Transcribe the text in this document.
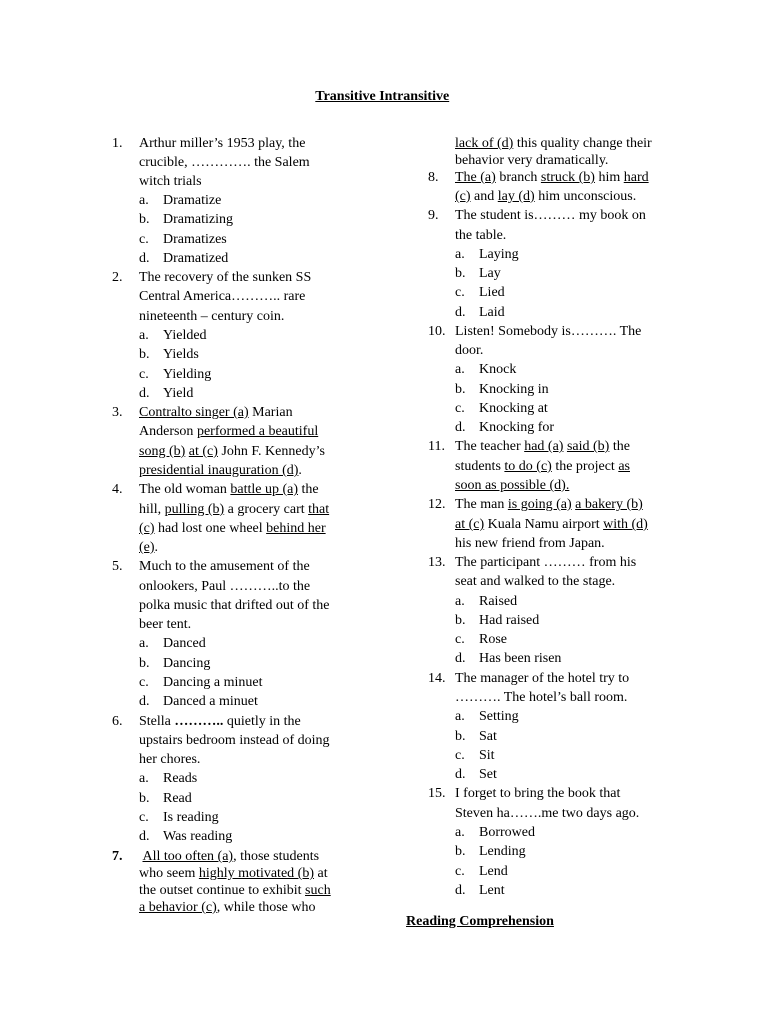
Transitive Intransitive
1. Arthur miller’s 1953 play, the
crucible, …………. the Salem
witch trials
a. Dramatize
b. Dramatizing
c. Dramatizes
d. Dramatized
2. The recovery of the sunken SS
Central America……….. rare
nineteenth – century coin.
a. Yielded
b. Yields
c. Yielding
d. Yield
3. Contralto singer (a) Marian
Anderson performed a beautiful
song (b) at (c) John F. Kennedy’s
presidential inauguration (d).
4. The old woman battle up (a) the
hill, pulling (b) a grocery cart that
(c) had lost one wheel behind her
(e).
5. Much to the amusement of the
onlookers, Paul ………..to the
polka music that drifted out of the
beer tent.
a. Danced
b. Dancing
c. Dancing a minuet
d. Danced a minuet
6. Stella ……….. quietly in the
upstairs bedroom instead of doing
her chores.
a. Reads
b. Read
c. Is reading
d. Was reading
7. All too often (a), those students
who seem highly motivated (b) at
the outset continue to exhibit such
a behavior (c), while those who
lack of (d) this quality change their
behavior very dramatically.
8. The (a) branch struck (b) him hard
(c) and lay (d) him unconscious.
9. The student is……… my book on
the table.
a. Laying
b. Lay
c. Lied
d. Laid
10. Listen! Somebody is………. The
door.
a. Knock
b. Knocking in
c. Knocking at
d. Knocking for
11. The teacher had (a) said (b) the
students to do (c) the project as
soon as possible (d).
12. The man is going (a) a bakery (b)
at (c) Kuala Namu airport with (d)
his new friend from Japan.
13. The participant ……… from his
seat and walked to the stage.
a. Raised
b. Had raised
c. Rose
d. Has been risen
14. The manager of the hotel try to
………. The hotel’s ball room.
a. Setting
b. Sat
c. Sit
d. Set
15. I forget to bring the book that
Steven ha…….me two days ago.
a. Borrowed
b. Lending
c. Lend
d. Lent
Reading Comprehension
